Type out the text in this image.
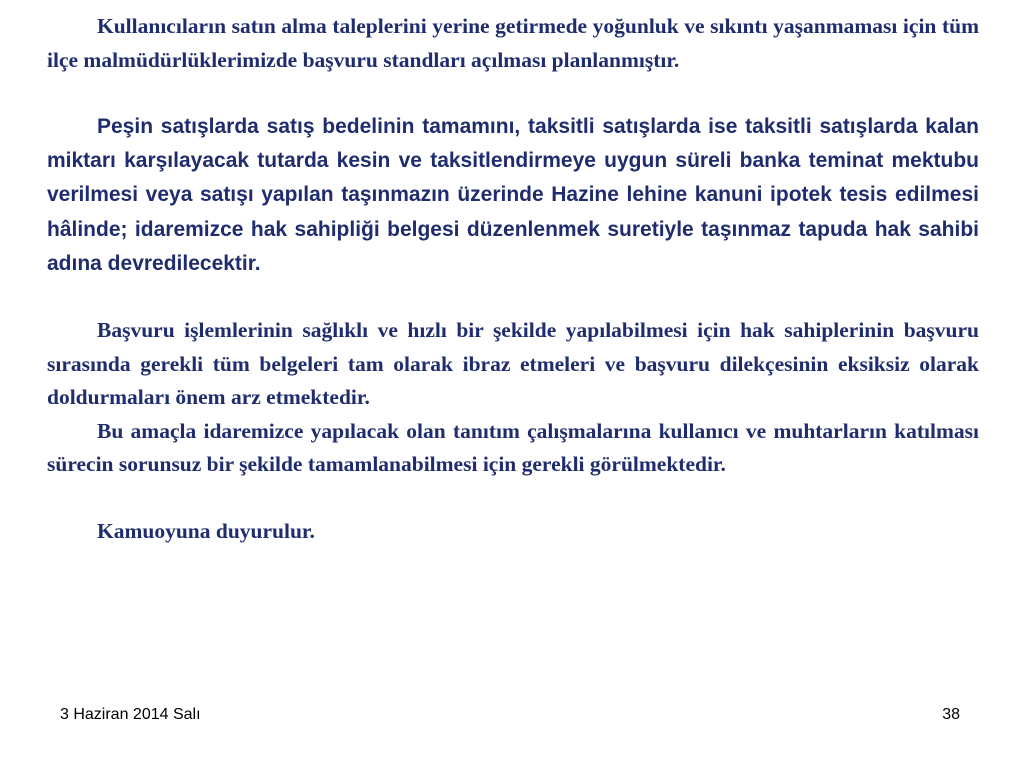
Kullanıcıların satın alma taleplerini yerine getirmede yoğunluk ve sıkıntı yaşanmaması için tüm ilçe malmüdürlüklerimizde başvuru standları açılması planlanmıştır.

Peşin satışlarda satış bedelinin tamamını, taksitli satışlarda ise taksitli satışlarda kalan miktarı karşılayacak tutarda kesin ve taksitlendirmeye uygun süreli banka teminat mektubu verilmesi veya satışı yapılan taşınmazın üzerinde Hazine lehine kanuni ipotek tesis edilmesi hâlinde; idaremizce hak sahipliği belgesi düzenlenmek suretiyle taşınmaz tapuda hak sahibi adına devredilecektir.

Başvuru işlemlerinin sağlıklı ve hızlı bir şekilde yapılabilmesi için hak sahiplerinin başvuru sırasında gerekli tüm belgeleri tam olarak ibraz etmeleri ve başvuru dilekçesinin eksiksiz olarak doldurmaları önem arz etmektedir.

Bu amaçla idaremizce yapılacak olan tanıtım çalışmalarına kullanıcı ve muhtarların katılması sürecin sorunsuz bir şekilde tamamlanabilmesi için gerekli görülmektedir.

Kamuoyuna duyurulur.

3 Haziran 2014 Salı	38
